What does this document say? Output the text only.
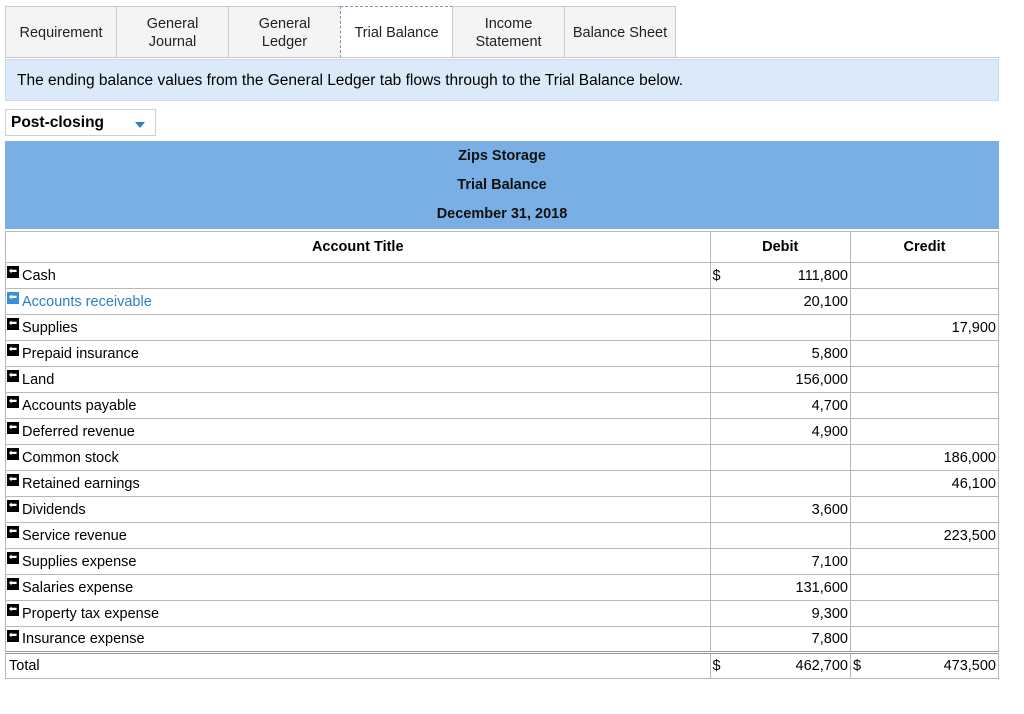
Requirement
General Journal
General Ledger
Trial Balance
Income Statement
Balance Sheet
The ending balance values from the General Ledger tab flows through to the Trial Balance below.
Post-closing
Zips Storage
Trial Balance
December 31, 2018
Account Title	Debit		Credit	

⬅ Cash	$	111,800		

⬅ Accounts receivable		20,100		

⬅ Supplies				17,900

⬅ Prepaid insurance		5,800		

⬅ Land		156,000		

⬅ Accounts payable		4,700		

⬅ Deferred revenue		4,900		

⬅ Common stock				186,000

⬅ Retained earnings				46,100

⬅ Dividends		3,600		

⬅ Service revenue				223,500

⬅ Supplies expense		7,100		

⬅ Salaries expense		131,600		

⬅ Property tax expense		9,300		

⬅ Insurance expense		7,800		
Total	$	462,700	$	473,500
